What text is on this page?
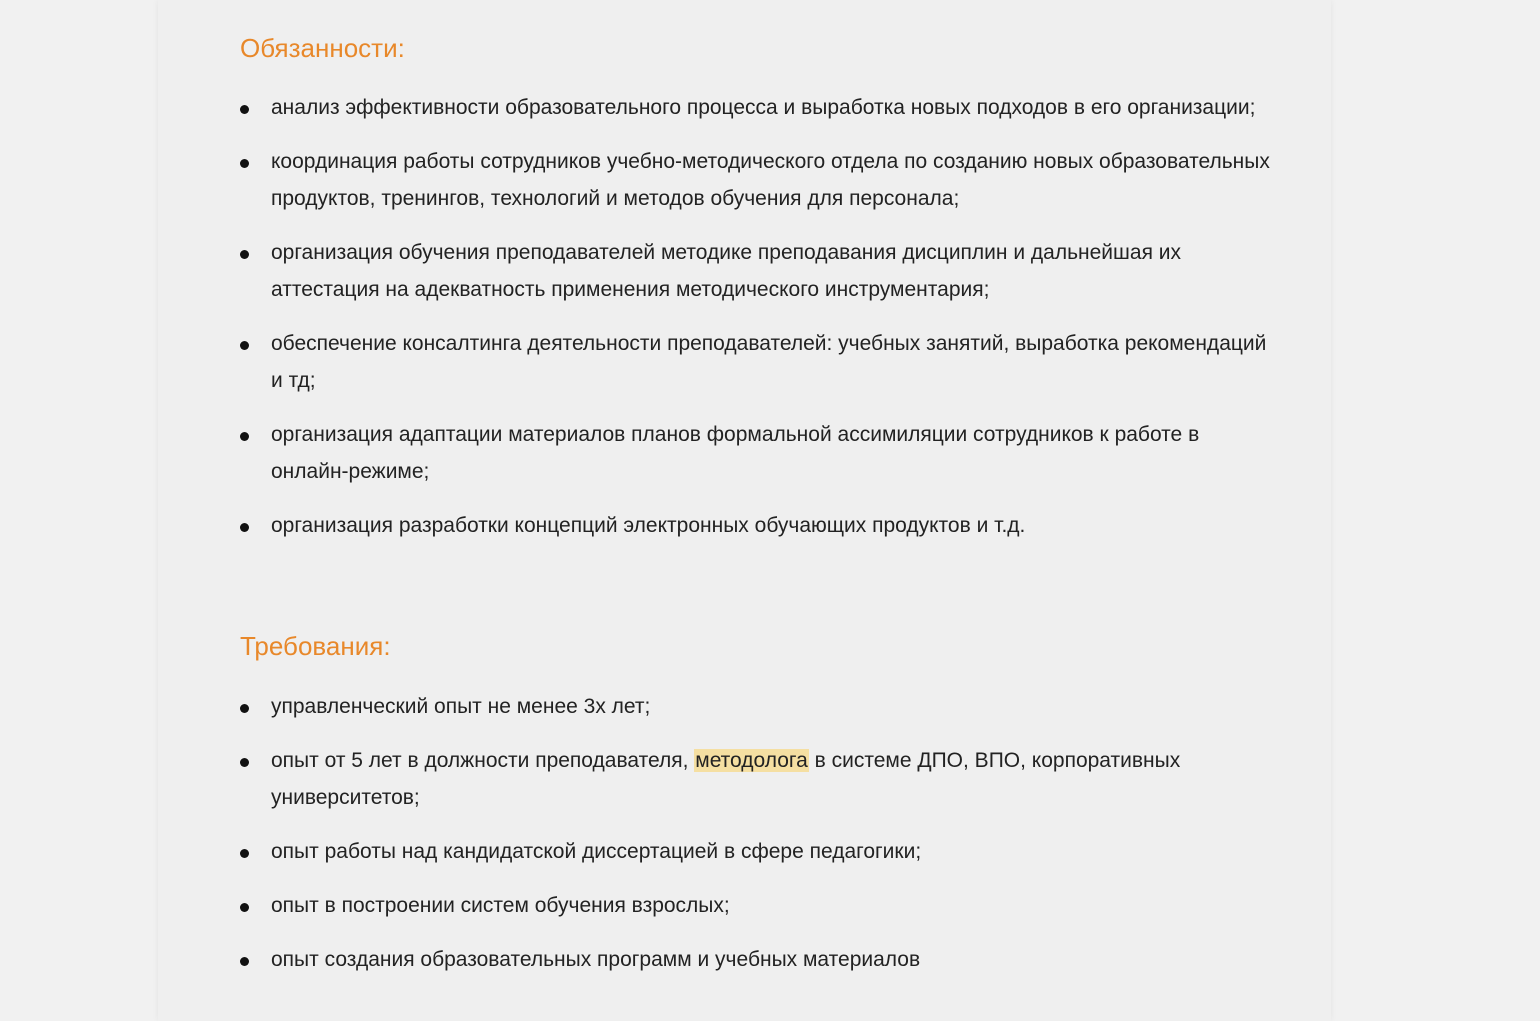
Обязанности:
анализ эффективности образовательного процесса и выработка новых подходов в его организации;
координация работы сотрудников учебно-методического отдела по созданию новых образовательных продуктов, тренингов, технологий и методов обучения для персонала;
организация обучения преподавателей методике преподавания дисциплин и дальнейшая их аттестация на адекватность применения методического инструментария;
обеспечение консалтинга деятельности преподавателей: учебных занятий, выработка рекомендаций и тд;
организация адаптации материалов планов формальной ассимиляции сотрудников к работе в онлайн-режиме;
организация разработки концепций электронных обучающих продуктов и т.д.
Требования:
управленческий опыт не менее 3х лет;
опыт от 5 лет в должности преподавателя, методолога в системе ДПО, ВПО, корпоративных университетов;
опыт работы над кандидатской диссертацией в сфере педагогики;
опыт в построении систем обучения взрослых;
опыт создания образовательных программ и учебных материалов
